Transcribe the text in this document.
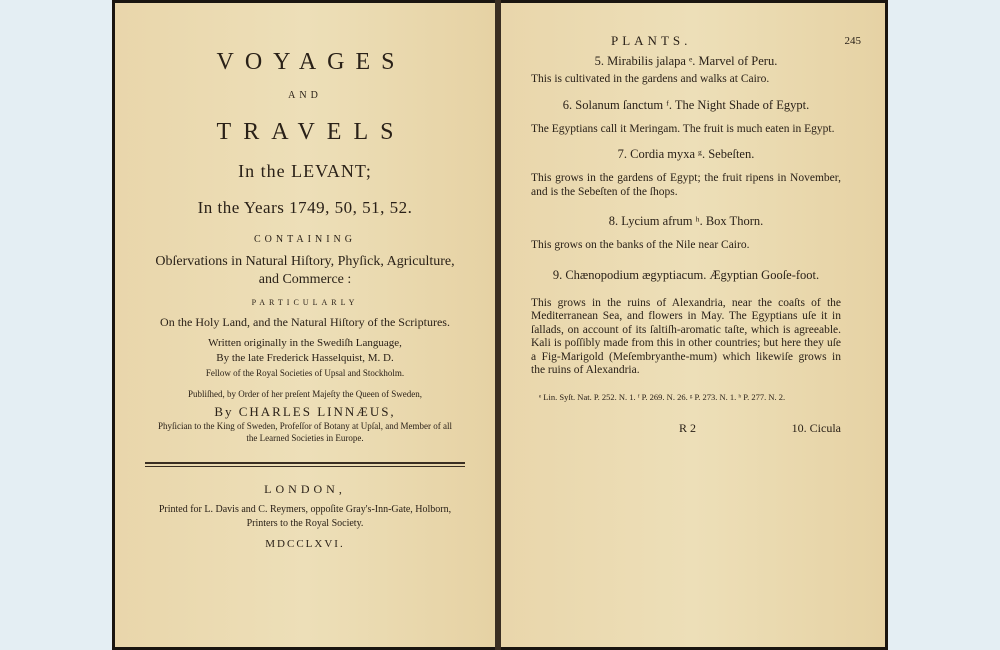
VOYAGES
AND
TRAVELS
In the LEVANT;
In the Years 1749, 50, 51, 52.
CONTAINING
Obſervations in Natural Hiſtory, Phyſick, Agriculture, and Commerce :
PARTICULARLY
On the Holy Land, and the Natural Hiſtory of the Scriptures.
Written originally in the Swediſh Language,
By the late Frederick Hasselquist, M. D.
Fellow of the Royal Societies of Upsal and Stockholm.
Publiſhed, by Order of her preſent Majeſty the Queen of Sweden,
By CHARLES LINNÆUS,
Phyſician to the King of Sweden, Profeſſor of Botany at Upſal, and Member of all the Learned Societies in Europe.
LONDON,
Printed for L. Davis and C. Reymers, oppoſite Gray's-Inn-Gate, Holborn, Printers to the Royal Society.
MDCCLXVI.
PLANTS.	245
5. Mirabilis jalapa ᵉ. Marvel of Peru.
This is cultivated in the gardens and walks at Cairo.
6. Solanum ſanctum ᶠ. The Night Shade of Egypt.
The Egyptians call it Meringam. The fruit is much eaten in Egypt.
7. Cordia myxa ᵍ. Sebeſten.
This grows in the gardens of Egypt; the fruit ripens in November, and is the Sebeſten of the ſhops.
8. Lycium afrum ʰ. Box Thorn.
This grows on the banks of the Nile near Cairo.
9. Chænopodium ægyptiacum. Ægyptian Gooſe-foot.
This grows in the ruins of Alexandria, near the coaſts of the Mediterranean Sea, and flowers in May. The Egyptians uſe it in ſallads, on account of its ſaltiſh-aromatic taſte, which is agreeable. Kali is poſſibly made from this in other countries; but here they uſe a Fig-Marigold (Meſembryanthe-mum) which likewiſe grows in the ruins of Alexandria.
ᵉ Lin. Syſt. Nat. P. 252. N. 1. ᶠ P. 269. N. 26. ᵍ P. 273. N. 1. ʰ P. 277. N. 2.
R 2	10. Cicula
